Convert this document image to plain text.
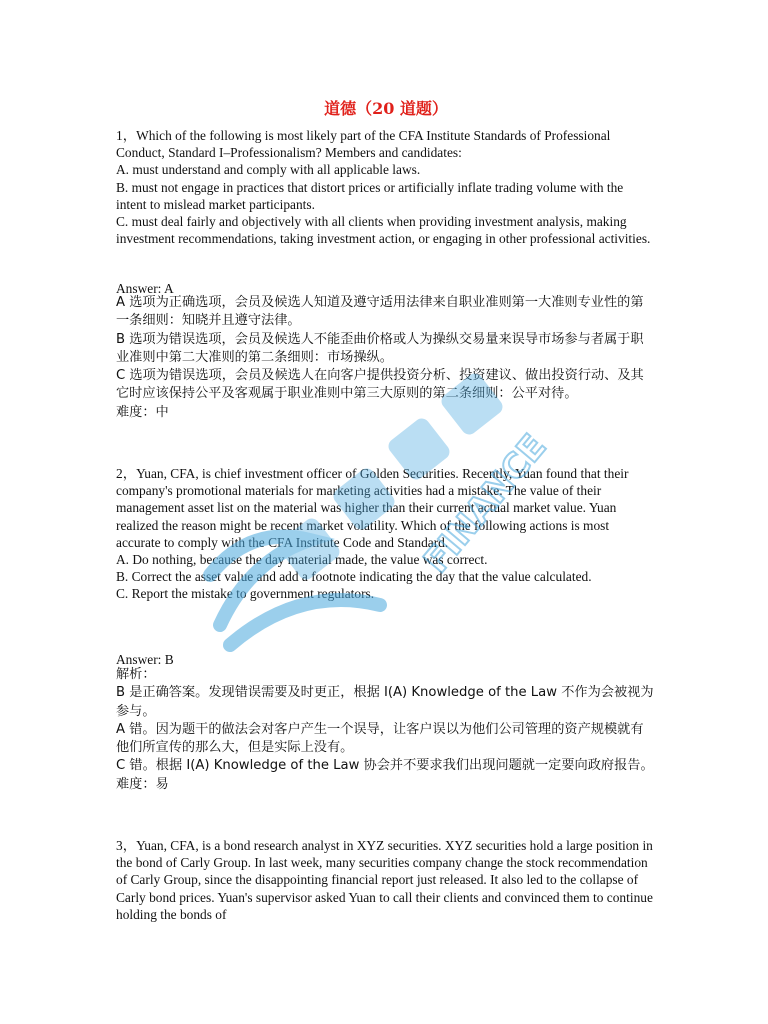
道德（20 道题）

1，Which of the following is most likely part of the CFA Institute Standards of Professional Conduct, Standard I–Professionalism? Members and candidates:

A. must understand and comply with all applicable laws.

B. must not engage in practices that distort prices or artificially inflate trading volume with the intent to mislead market participants.

C. must deal fairly and objectively with all clients when providing investment analysis, making investment recommendations, taking investment action, or engaging in other professional activities.

Answer: A

A 选项为正确选项，会员及候选人知道及遵守适用法律来自职业准则第一大准则专业性的第一条细则：知晓并且遵守法律。

B 选项为错误选项，会员及候选人不能歪曲价格或人为操纵交易量来误导市场参与者属于职业准则中第二大准则的第二条细则：市场操纵。

C 选项为错误选项，会员及候选人在向客户提供投资分析、投资建议、做出投资行动、及其它时应该保持公平及客观属于职业准则中第三大原则的第二条细则：公平对待。

难度：中

2，Yuan, CFA, is chief investment officer of Golden Securities. Recently, Yuan found that their company's promotional materials for marketing activities had a mistake. The value of their management asset list on the material was higher than their current actual market value. Yuan realized the reason might be recent market volatility. Which of the following actions is most accurate to comply with the CFA Institute Code and Standard.

A. Do nothing, because the day material made, the value was correct.

B. Correct the asset value and add a footnote indicating the day that the value calculated.

C. Report the mistake to government regulators.

Answer: B

解析：

B 是正确答案。发现错误需要及时更正，根据 I(A) Knowledge of the Law 不作为会被视为参与。

A 错。因为题干的做法会对客户产生一个误导，让客户误以为他们公司管理的资产规模就有他们所宣传的那么大，但是实际上没有。

C 错。根据 I(A) Knowledge of the Law 协会并不要求我们出现问题就一定要向政府报告。

难度：易

3，Yuan, CFA, is a bond research analyst in XYZ securities. XYZ securities hold a large position in the bond of Carly Group. In last week, many securities company change the stock recommendation of Carly Group, since the disappointing financial report just released. It also led to the collapse of Carly bond prices. Yuan's supervisor asked Yuan to call their clients and convinced them to continue holding the bonds of

FINANCE
